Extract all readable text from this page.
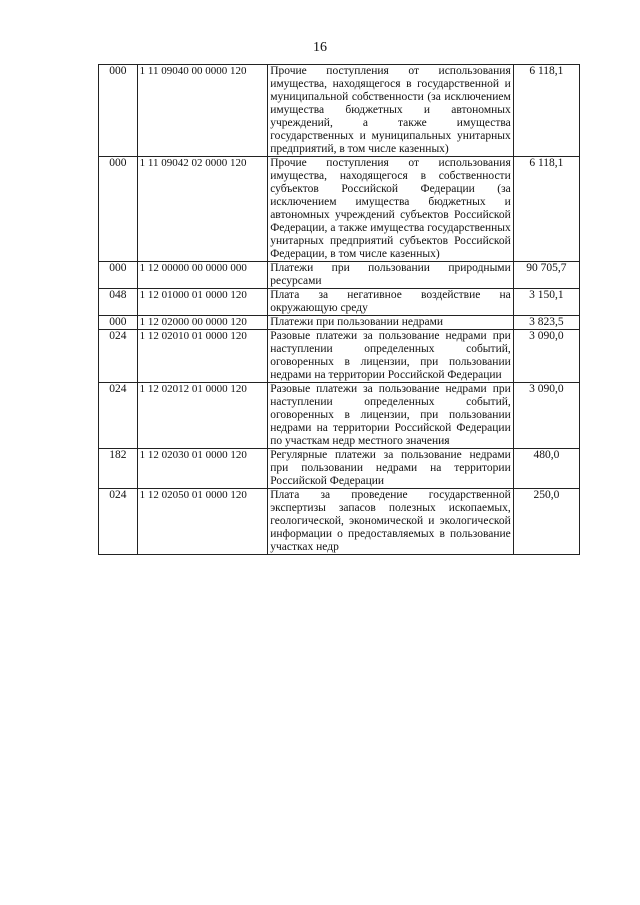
16
000	1 11 09040 00 0000 120	Прочие поступления от использования имущества, находящегося в государственной и муниципальной собственности (за исключением имущества бюджетных и автономных учреждений, а также имущества государственных и муниципальных унитарных предприятий, в том числе казенных)	6 118,1
000	1 11 09042 02 0000 120	Прочие поступления от использования имущества, находящегося в собственности субъектов Российской Федерации (за исключением имущества бюджетных и автономных учреждений субъектов Российской Федерации, а также имущества государственных унитарных предприятий субъектов Российской Федерации, в том числе казенных)	6 118,1
000	1 12 00000 00 0000 000	Платежи при пользовании природными ресурсами	90 705,7
048	1 12 01000 01 0000 120	Плата за негативное воздействие на окружающую среду	3 150,1
000	1 12 02000 00 0000 120	Платежи при пользовании недрами	3 823,5
024	1 12 02010 01 0000 120	Разовые платежи за пользование недрами при наступлении определенных событий, оговоренных в лицензии, при пользовании недрами на территории Российской Федерации	3 090,0
024	1 12 02012 01 0000 120	Разовые платежи за пользование недрами при наступлении определенных событий, оговоренных в лицензии, при пользовании недрами на территории Российской Федерации по участкам недр местного значения	3 090,0
182	1 12 02030 01 0000 120	Регулярные платежи за пользование недрами при пользовании недрами на территории Российской Федерации	480,0
024	1 12 02050 01 0000 120	Плата за проведение государственной экспертизы запасов полезных ископаемых, геологической, экономической и экологической информации о предоставляемых в пользование участках недр	250,0
